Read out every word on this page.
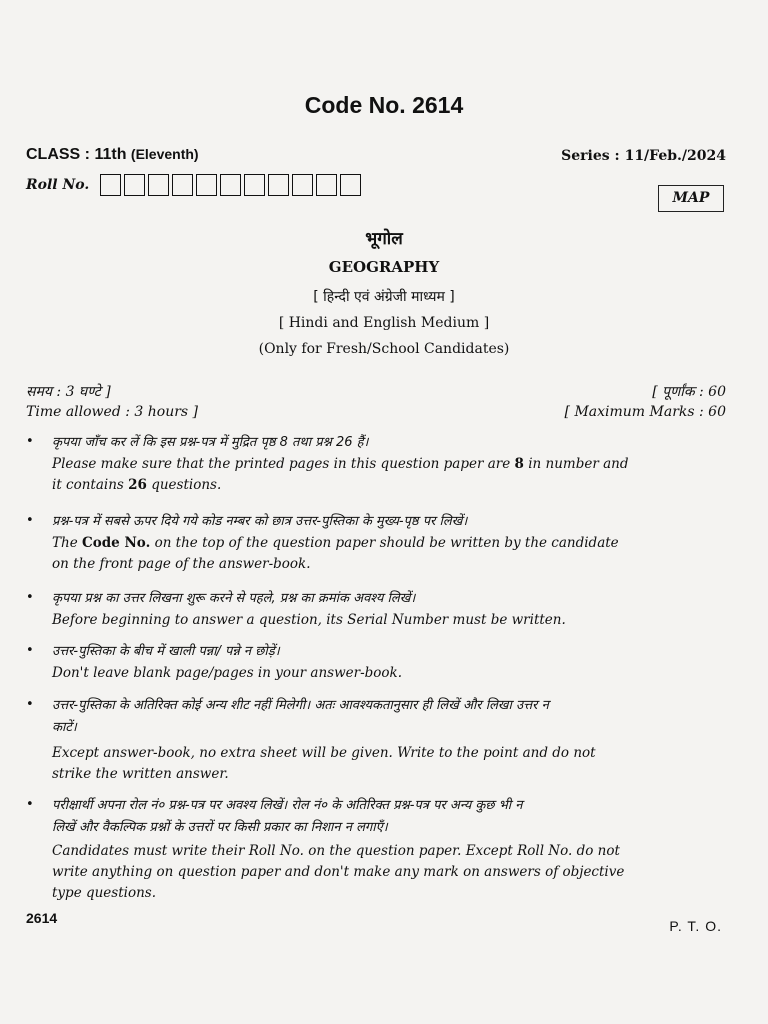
Code No. 2614
CLASS : 11th (Eleventh)	Series : 11/Feb./2024
Roll No.
MAP
भूगोल
GEOGRAPHY
[ हिन्दी एवं अंग्रेजी माध्यम ]
[ Hindi and English Medium ]
(Only for Fresh/School Candidates)
समय : 3 घण्टे ]	[ पूर्णांक : 60
Time allowed : 3 hours ]	[ Maximum Marks : 60
• कृपया जाँच कर लें कि इस प्रश्न-पत्र में मुद्रित पृष्ठ 8 तथा प्रश्न 26 हैं।
Please make sure that the printed pages in this question paper are 8 in number and
it contains 26 questions.
• प्रश्न-पत्र में सबसे ऊपर दिये गये कोड नम्बर को छात्र उत्तर-पुस्तिका के मुख्य-पृष्ठ पर लिखें।
The Code No. on the top of the question paper should be written by the candidate
on the front page of the answer-book.
• कृपया प्रश्न का उत्तर लिखना शुरू करने से पहले, प्रश्न का क्रमांक अवश्य लिखें।
Before beginning to answer a question, its Serial Number must be written.
• उत्तर-पुस्तिका के बीच में खाली पन्ना/ पन्ने न छोड़ें।
Don't leave blank page/pages in your answer-book.
• उत्तर-पुस्तिका के अतिरिक्त कोई अन्य शीट नहीं मिलेगी। अतः आवश्यकतानुसार ही लिखें और लिखा उत्तर न
काटें।
Except answer-book, no extra sheet will be given. Write to the point and do not
strike the written answer.
• परीक्षार्थी अपना रोल नं० प्रश्न-पत्र पर अवश्य लिखें। रोल नं० के अतिरिक्त प्रश्न-पत्र पर अन्य कुछ भी न
लिखें और वैकल्पिक प्रश्नों के उत्तरों पर किसी प्रकार का निशान न लगाएँ।
Candidates must write their Roll No. on the question paper. Except Roll No. do not
write anything on question paper and don't make any mark on answers of objective
type questions.
2614	P. T. O.
